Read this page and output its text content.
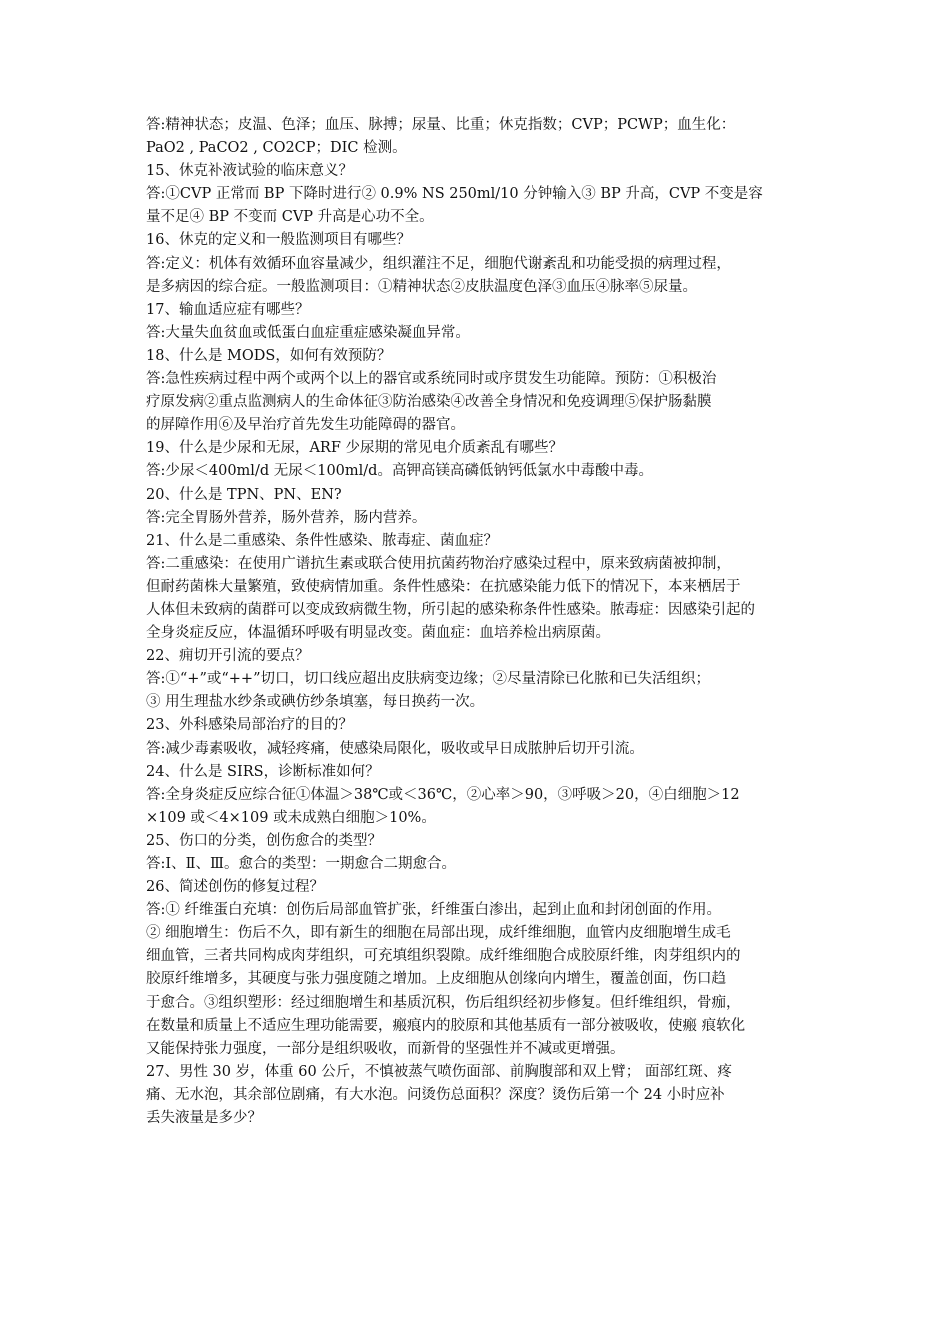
答:精神状态；皮温、色泽；血压、脉搏；尿量、比重；休克指数；CVP；PCWP；血生化：
PaO2 , PaCO2 , CO2CP；DIC 检测。
15、休克补液试验的临床意义？
答:①CVP 正常而 BP 下降时进行② 0.9% NS 250ml/10 分钟输入③ BP 升高，CVP 不变是容
量不足④ BP 不变而 CVP 升高是心功不全。
16、休克的定义和一般监测项目有哪些？
答:定义：机体有效循环血容量减少，组织灌注不足，细胞代谢紊乱和功能受损的病理过程，
是多病因的综合症。一般监测项目：①精神状态②皮肤温度色泽③血压④脉率⑤尿量。
17、输血适应症有哪些？
答:大量失血贫血或低蛋白血症重症感染凝血异常。
18、什么是 MODS，如何有效预防？
答:急性疾病过程中两个或两个以上的器官或系统同时或序贯发生功能障。预防：①积极治
疗原发病②重点监测病人的生命体征③防治感染④改善全身情况和免疫调理⑤保护肠黏膜
的屏障作用⑥及早治疗首先发生功能障碍的器官。
19、什么是少尿和无尿，ARF 少尿期的常见电介质紊乱有哪些？
答:少尿＜400ml/d 无尿＜100ml/d。高钾高镁高磷低钠钙低氯水中毒酸中毒。
20、什么是 TPN、PN、EN?
答:完全胃肠外营养，肠外营养，肠内营养。
21、什么是二重感染、条件性感染、脓毒症、菌血症？
答:二重感染：在使用广谱抗生素或联合使用抗菌药物治疗感染过程中，原来致病菌被抑制，
但耐药菌株大量繁殖，致使病情加重。条件性感染：在抗感染能力低下的情况下，本来栖居于
人体但未致病的菌群可以变成致病微生物，所引起的感染称条件性感染。脓毒症：因感染引起的
全身炎症反应，体温循环呼吸有明显改变。菌血症：血培养检出病原菌。
22、痈切开引流的要点？
答:①“+”或“++”切口，切口线应超出皮肤病变边缘；②尽量清除已化脓和已失活组织；
③ 用生理盐水纱条或碘仿纱条填塞，每日换药一次。
23、外科感染局部治疗的目的？
答:减少毒素吸收，减轻疼痛，使感染局限化，吸收或早日成脓肿后切开引流。
24、什么是 SIRS，诊断标准如何？
答:全身炎症反应综合征①体温＞38℃或＜36℃，②心率＞90，③呼吸＞20，④白细胞＞12
×109 或＜4×109 或未成熟白细胞＞10%。
25、伤口的分类，创伤愈合的类型？
答:Ⅰ、Ⅱ、Ⅲ。愈合的类型：一期愈合二期愈合。
26、简述创伤的修复过程？
答:① 纤维蛋白充填：创伤后局部血管扩张，纤维蛋白渗出，起到止血和封闭创面的作用。
② 细胞增生：伤后不久，即有新生的细胞在局部出现，成纤维细胞，血管内皮细胞增生成毛
细血管，三者共同构成肉芽组织，可充填组织裂隙。成纤维细胞合成胶原纤维，肉芽组织内的
胶原纤维增多，其硬度与张力强度随之增加。上皮细胞从创缘向内增生，覆盖创面，伤口趋
于愈合。③组织塑形：经过细胞增生和基质沉积，伤后组织经初步修复。但纤维组织，骨痂，
在数量和质量上不适应生理功能需要，瘢痕内的胶原和其他基质有一部分被吸收，使瘢 痕软化
又能保持张力强度，一部分是组织吸收，而新骨的坚强性并不减或更增强。
27、男性 30 岁，体重 60 公斤，不慎被蒸气喷伤面部、前胸腹部和双上臂； 面部红斑、疼
痛、无水泡，其余部位剧痛，有大水泡。问烫伤总面积？深度？烫伤后第一个 24 小时应补
丢失液量是多少？
